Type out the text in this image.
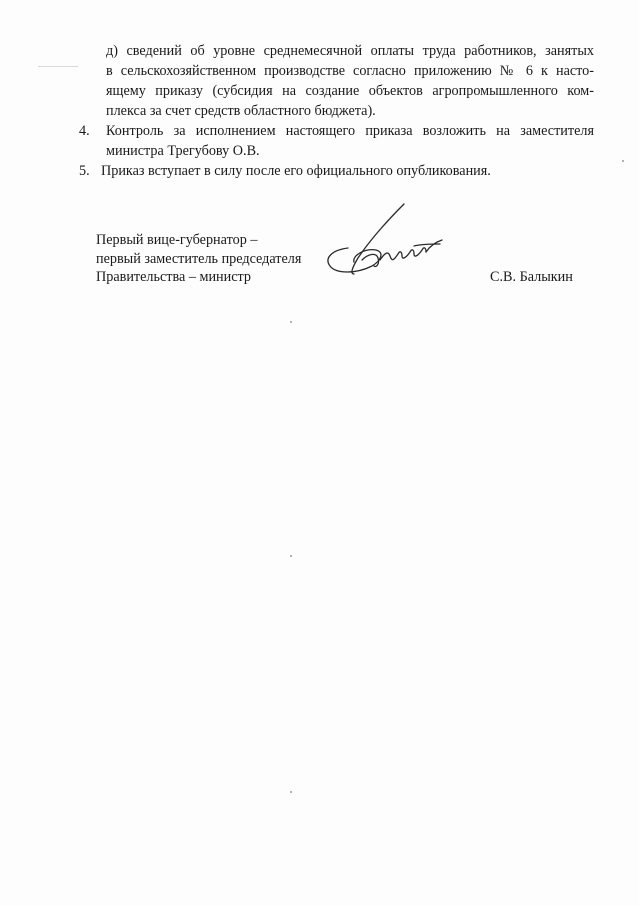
д) сведений об уровне среднемесячной оплаты труда работников, занятых
в сельскохозяйственном производстве согласно приложению № 6 к насто-
ящему приказу (субсидия на создание объектов агропромышленного ком-
плекса за счет средств областного бюджета).
4. Контроль за исполнением настоящего приказа возложить на заместителя
министра Трегубову О.В.
5. Приказ вступает в силу после его официального опубликования.
Первый вице-губернатор –
первый заместитель председателя
Правительства – министр	С.В. Балыкин
